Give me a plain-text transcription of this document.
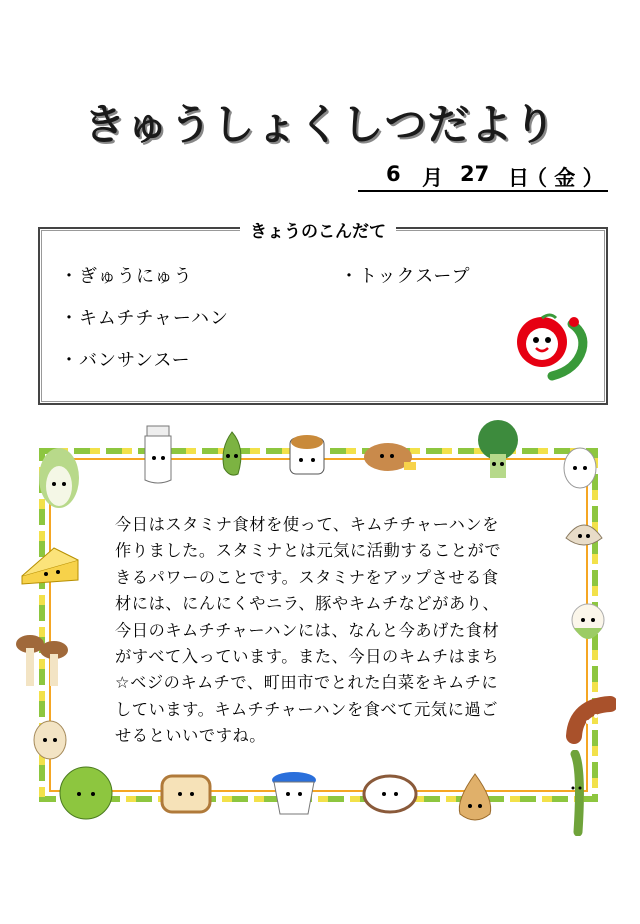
きゅうしょくしつだより
6 月 27 日
（ 金 ）
きょうのこんだて
・ぎゅうにゅう
・キムチチャーハン
・バンサンスー
・トックスープ
今日はスタミナ食材を使って、キムチチャーハンを
作りました。スタミナとは元気に活動することがで
きるパワーのことです。スタミナをアップさせる食
材には、にんにくやニラ、豚やキムチなどがあり、
今日のキムチチャーハンには、なんと今あげた食材
がすべて入っています。また、今日のキムチはまち
☆ベジのキムチで、町田市でとれた白菜をキムチに
しています。キムチチャーハンを食べて元気に過ご
せるといいですね。
